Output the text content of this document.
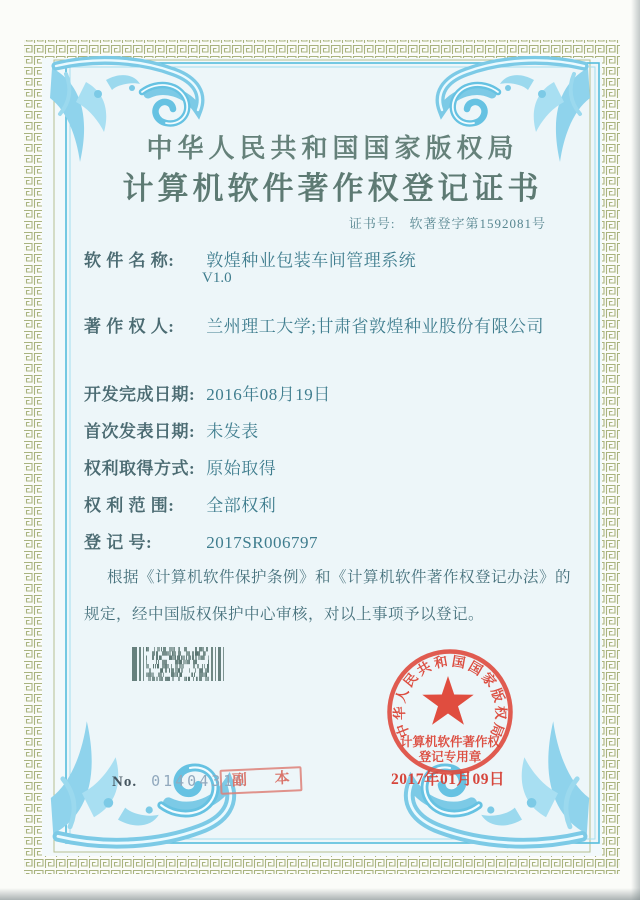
中华人民共和国国家版权局
计算机软件著作权登记证书
证书号: 软著登字第1592081号
软 件 名 称: 敦煌种业包装车间管理系统
V1.0
著 作 权 人: 兰州理工大学;甘肃省敦煌种业股份有限公司
开发完成日期: 2016年08月19日
首次发表日期: 未发表
权利取得方式: 原始取得
权 利 范 围: 全部权利
登 记 号:	2017SR006797
根据《计算机软件保护条例》和《计算机软件著作权登记办法》的
规定，经中国版权保护中心审核，对以上事项予以登记。
中华人民共和国国家版权局
计算机软件著作权
登记专用章
2017年01月09日
No. 01404310
副 本
